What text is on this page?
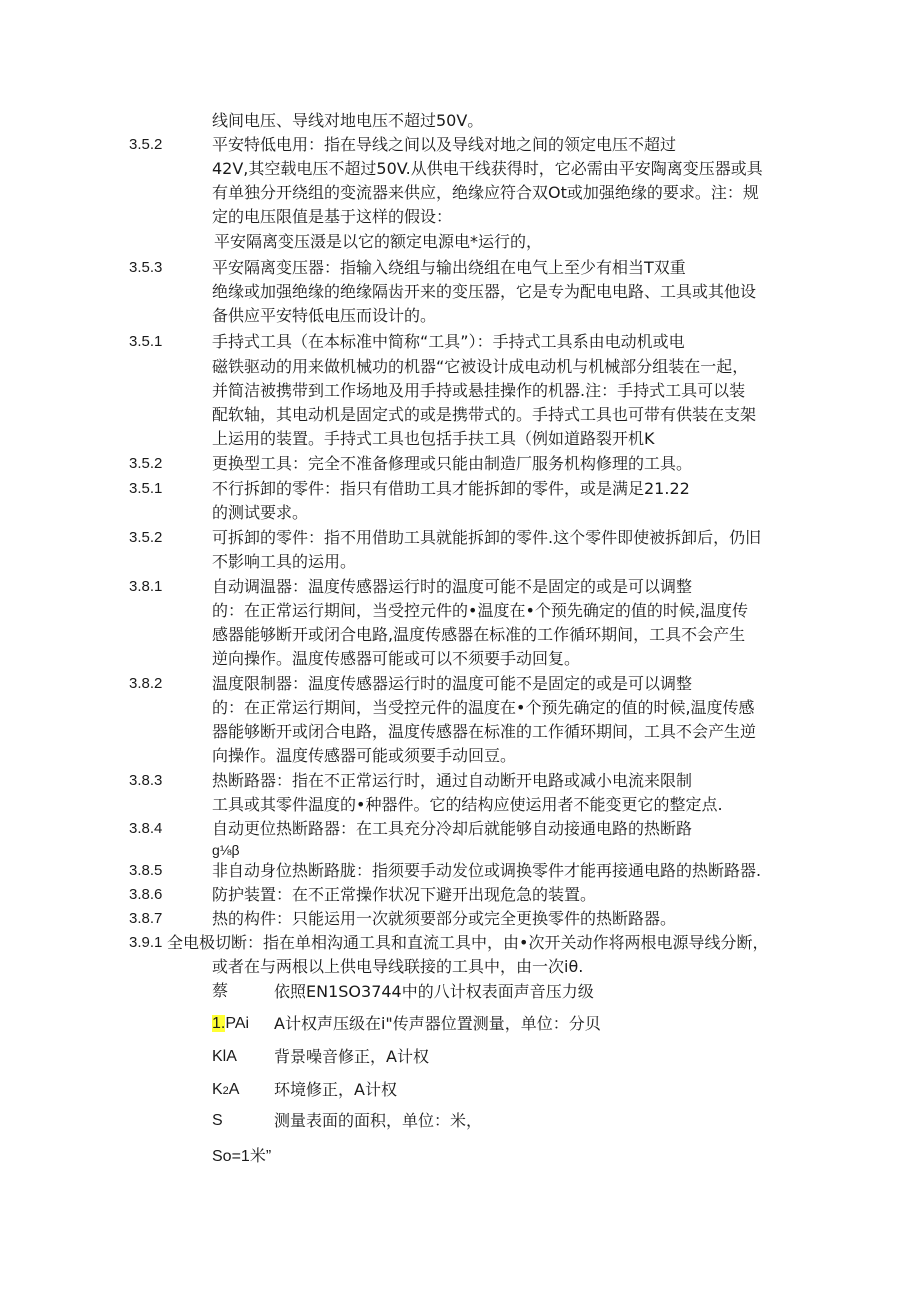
线间电压、导线对地电压不超过50V。
3.5.2	平安特低电用：指在导线之间以及导线对地之间的领定电压不超过
42V,其空载电压不超过50V.从供电干线获得时，它必需由平安陶离变压器或具
有单独分开绕组的变流器来供应，绝缘应符合双Ot或加强绝缘的要求。注：规
定的电压限值是基于这样的假设：
平安隔离变压滠是以它的额定电源电*运行的，
3.5.3	平安隔离变压器：指输入绕组与输出绕组在电气上至少有相当T双重
绝缘或加强绝缘的绝缘隔齿开来的变压器，它是专为配电电路、工具或其他设
备供应平安特低电压而设计的。
3.5.1	手持式工具（在本标准中简称“工具”）：手持式工具系由电动机或电
磁铁驱动的用来做机械功的机器“它被设计成电动机与机械部分组装在一起，
并简洁被携带到工作场地及用手持或悬挂操作的机器.注：手持式工具可以装
配软轴，其电动机是固定式的或是携带式的。手持式工具也可带有供装在支架
上运用的装置。手持式工具也包括手扶工具（例如道路裂开机K
3.5.2	更换型工具：完全不准备修理或只能由制造厂服务机构修理的工具。
3.5.1	不行拆卸的零件：指只有借助工具才能拆卸的零件，或是满足21.22
的测试要求。
3.5.2	可拆卸的零件：指不用借助工具就能拆卸的零件.这个零件即使被拆卸后，仍旧
不影响工具的运用。
3.8.1	自动调温器：温度传感器运行时的温度可能不是固定的或是可以调整
的：在正常运行期间，当受控元件的•温度在•个预先确定的值的时候,温度传
感器能够断开或闭合电路,温度传感器在标准的工作循环期间，工具不会产生
逆向操作。温度传感器可能或可以不须要手动回复。
3.8.2	温度限制器：温度传感器运行时的温度可能不是固定的或是可以调整
的：在正常运行期间，当受控元件的温度在•个预先确定的值的时候,温度传感
器能够断开或闭合电路，温度传感器在标准的工作循环期间，工具不会产生逆
向操作。温度传感器可能或须要手动回豆。
3.8.3	热断路器：指在不正常运行时，通过自动断开电路或减小电流来限制
工具或其零件温度的•种器件。它的结构应使运用者不能变更它的整定点.
3.8.4	自动更位热断路器：在工具充分冷却后就能够自动接通电路的热断路
g⅛β
3.8.5	非自动身位热断路胧：指须要手动发位或调换零件才能再接通电路的热断路器.
3.8.6	防护装置：在不正常操作状况下避开出现危急的装置。
3.8.7	热的构件：只能运用一次就须要部分或完全更换零件的热断路器。
3.9.1 全电极切断：指在单相沟通工具和直流工具中，由•次开关动作将两根电源导线分断，
或者在与两根以上供电导线联接的工具中，由一次iθ.
蔡	依照EN1SO3744中的八计权表面声音压力级
1.PAi A计权声压级在i"传声器位置测量，单位：分贝
KlA 背景噪音修正，A计权
K2A 环境修正，A计权
S	测量表面的面积，单位：米，
So=1米”
